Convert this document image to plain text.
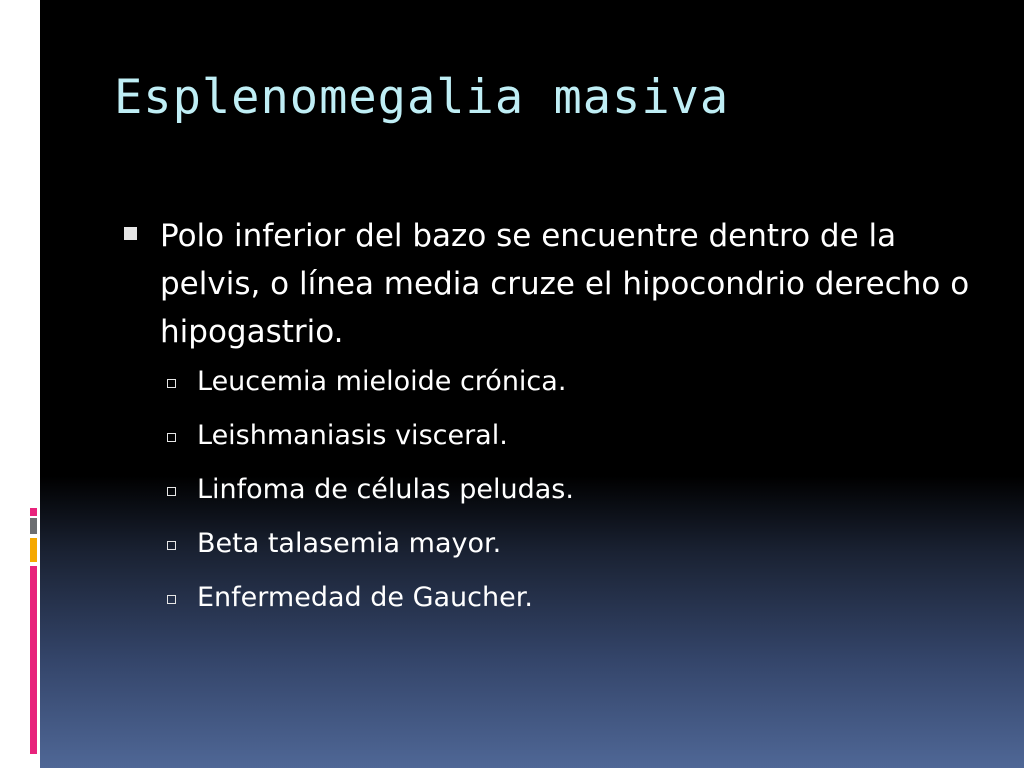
Esplenomegalia masiva
Polo inferior del bazo se encuentre dentro de la pelvis, o línea media cruze el hipocondrio derecho o hipogastrio.
Leucemia mieloide crónica.
Leishmaniasis visceral.
Linfoma de células peludas.
Beta talasemia mayor.
Enfermedad de Gaucher.
